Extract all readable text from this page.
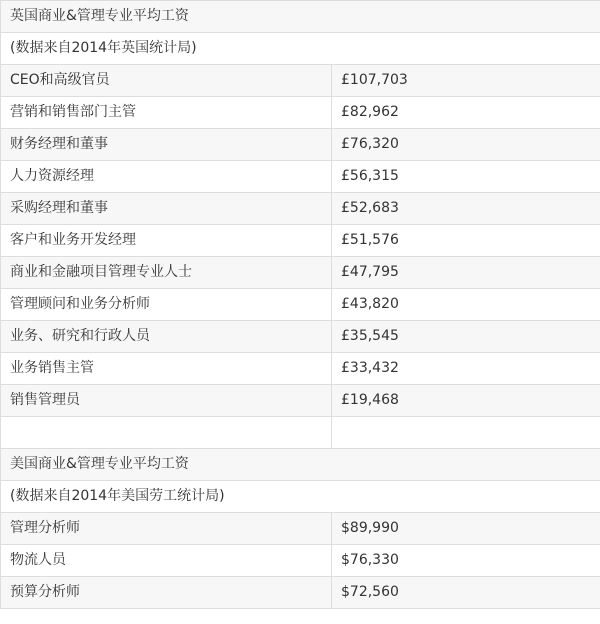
英国商业&管理专业平均工资	
(数据来自2014年英国统计局)	
CEO和高级官员	£107,703
营销和销售部门主管	£82,962
财务经理和董事	£76,320
人力资源经理	£56,315
采购经理和董事	£52,683
客户和业务开发经理	£51,576
商业和金融项目管理专业人士	£47,795
管理顾问和业务分析师	£43,820
业务、研究和行政人员	£35,545
业务销售主管	£33,432
销售管理员	£19,468

美国商业&管理专业平均工资	
(数据来自2014年美国劳工统计局)	
管理分析师	$89,990
物流人员	$76,330
预算分析师	$72,560
